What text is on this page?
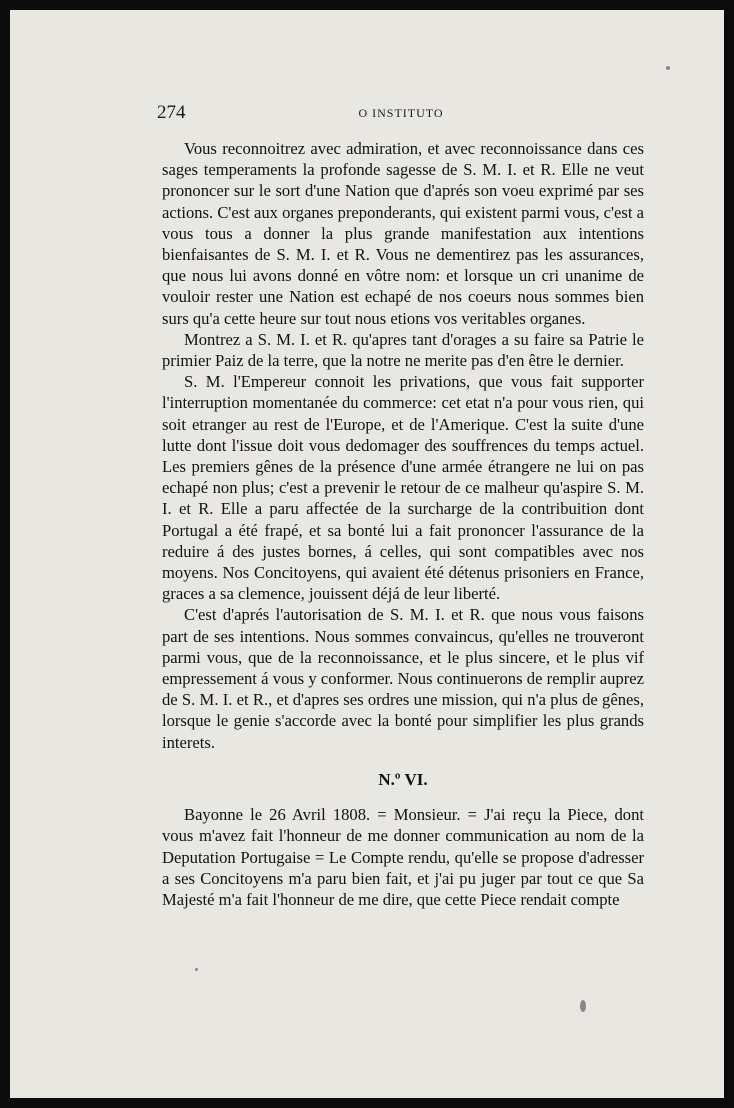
274	O INSTITUTO

Vous reconnoitrez avec admiration, et avec reconnoissance dans ces sages temperaments la profonde sagesse de S. M. I. et R. Elle ne veut prononcer sur le sort d'une Nation que d'aprés son voeu exprimé par ses actions. C'est aux organes preponderants, qui existent parmi vous, c'est a vous tous a donner la plus grande manifestation aux intentions bienfaisantes de S. M. I. et R. Vous ne dementirez pas les assurances, que nous lui avons donné en vôtre nom: et lorsque un cri unanime de vouloir rester une Nation est echapé de nos coeurs nous sommes bien surs qu'a cette heure sur tout nous etions vos veritables organes.

Montrez a S. M. I. et R. qu'apres tant d'orages a su faire sa Patrie le primier Paiz de la terre, que la notre ne merite pas d'en être le dernier.

S. M. l'Empereur connoit les privations, que vous fait supporter l'interruption momentanée du commerce: cet etat n'a pour vous rien, qui soit etranger au rest de l'Europe, et de l'Amerique. C'est la suite d'une lutte dont l'issue doit vous dedomager des souffrences du temps actuel. Les premiers gênes de la présence d'une armée étrangere ne lui on pas echapé non plus; c'est a prevenir le retour de ce malheur qu'aspire S. M. I. et R. Elle a paru affectée de la surcharge de la contribuition dont Portugal a été frapé, et sa bonté lui a fait prononcer l'assurance de la reduire á des justes bornes, á celles, qui sont compatibles avec nos moyens. Nos Concitoyens, qui avaient été détenus prisoniers en France, graces a sa clemence, jouissent déjá de leur liberté.

C'est d'aprés l'autorisation de S. M. I. et R. que nous vous faisons part de ses intentions. Nous sommes convaincus, qu'elles ne trouveront parmi vous, que de la reconnoissance, et le plus sincere, et le plus vif empressement á vous y conformer. Nous continuerons de remplir auprez de S. M. I. et R., et d'apres ses ordres une mission, qui n'a plus de gênes, lorsque le genie s'accorde avec la bonté pour simplifier les plus grands interets.

N.º VI.

Bayonne le 26 Avril 1808. = Monsieur. = J'ai reçu la Piece, dont vous m'avez fait l'honneur de me donner communication au nom de la Deputation Portugaise = Le Compte rendu, qu'elle se propose d'adresser a ses Concitoyens m'a paru bien fait, et j'ai pu juger par tout ce que Sa Majesté m'a fait l'honneur de me dire, que cette Piece rendait compte
